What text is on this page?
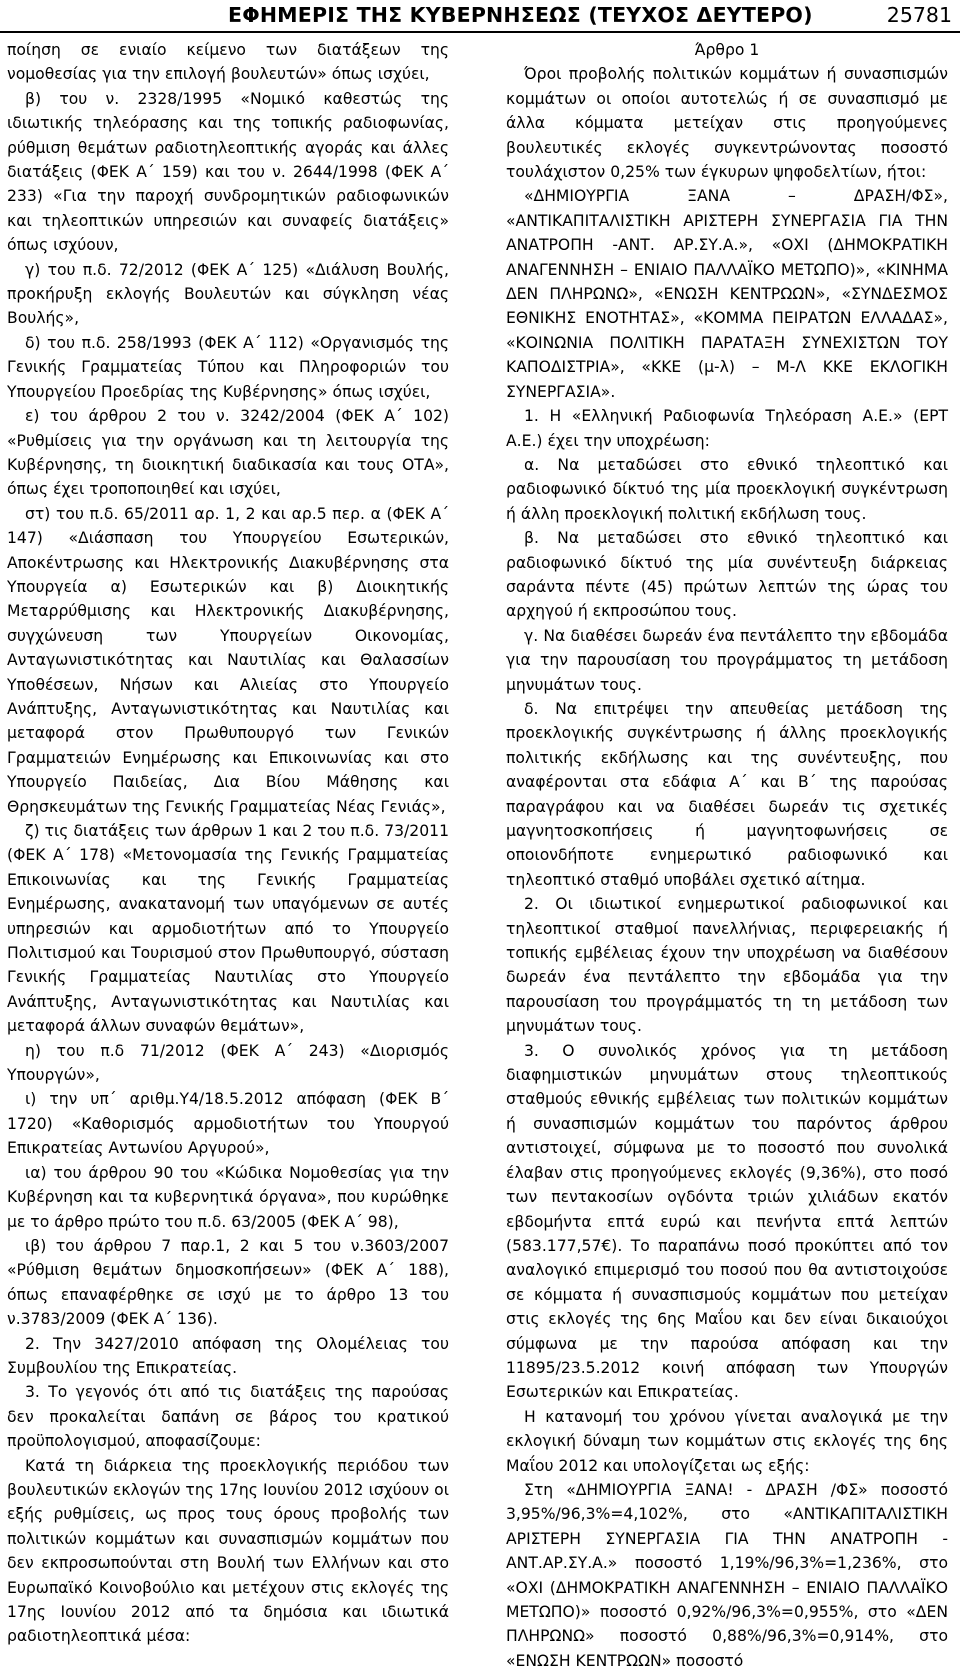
ΕΦΗΜΕΡΙΣ ΤΗΣ ΚΥΒΕΡΝΗΣΕΩΣ (ΤΕΥΧΟΣ ΔΕΥΤΕΡΟ)	25781

ποίηση σε ενιαίο κείμενο των διατάξεων της νομοθεσίας για την επιλογή βουλευτών» όπως ισχύει,

β) του ν. 2328/1995 «Νομικό καθεστώς της ιδιωτικής τηλεόρασης και της τοπικής ραδιοφωνίας, ρύθμιση θεμάτων ραδιοτηλεοπτικής αγοράς και άλλες διατάξεις (ΦΕΚ Α΄ 159) και του ν. 2644/1998 (ΦΕΚ Α΄ 233) «Για την παροχή συνδρομητικών ραδιοφωνικών και τηλεοπτικών υπηρεσιών και συναφείς διατάξεις» όπως ισχύουν,

γ) του π.δ. 72/2012 (ΦΕΚ Α΄ 125) «Διάλυση Βουλής, προκήρυξη εκλογής Βουλευτών και σύγκληση νέας Βουλής»,

δ) του π.δ. 258/1993 (ΦΕΚ Α΄ 112) «Οργανισμός της Γενικής Γραμματείας Τύπου και Πληροφοριών του Υπουργείου Προεδρίας της Κυβέρνησης» όπως ισχύει,

ε) του άρθρου 2 του ν. 3242/2004 (ΦΕΚ Α΄ 102) «Ρυθμίσεις για την οργάνωση και τη λειτουργία της Κυβέρνησης, τη διοικητική διαδικασία και τους ΟΤΑ», όπως έχει τροποποιηθεί και ισχύει,

στ) του π.δ. 65/2011 αρ. 1, 2 και αρ.5 περ. α (ΦΕΚ Α΄ 147) «Διάσπαση του Υπουργείου Εσωτερικών, Αποκέντρωσης και Ηλεκτρονικής Διακυβέρνησης στα Υπουργεία α) Εσωτερικών και β) Διοικητικής Μεταρρύθμισης και Ηλεκτρονικής Διακυβέρνησης, συγχώνευση των Υπουργείων Οικονομίας, Ανταγωνιστικότητας και Ναυτιλίας και Θαλασσίων Υποθέσεων, Νήσων και Αλιείας στο Υπουργείο Ανάπτυξης, Ανταγωνιστικότητας και Ναυτιλίας και μεταφορά στον Πρωθυπουργό των Γενικών Γραμματειών Ενημέρωσης και Επικοινωνίας και στο Υπουργείο Παιδείας, Δια Βίου Μάθησης και Θρησκευμάτων της Γενικής Γραμματείας Νέας Γενιάς»,

ζ) τις διατάξεις των άρθρων 1 και 2 του π.δ. 73/2011 (ΦΕΚ Α΄ 178) «Μετονομασία της Γενικής Γραμματείας Επικοινωνίας και της Γενικής Γραμματείας Ενημέρωσης, ανακατανομή των υπαγόμενων σε αυτές υπηρεσιών και αρμοδιοτήτων από το Υπουργείο Πολιτισμού και Τουρισμού στον Πρωθυπουργό, σύσταση Γενικής Γραμματείας Ναυτιλίας στο Υπουργείο Ανάπτυξης, Ανταγωνιστικότητας και Ναυτιλίας και μεταφορά άλλων συναφών θεμάτων»,

η) του π.δ 71/2012 (ΦΕΚ Α΄ 243) «Διορισμός Υπουργών»,

ι) την υπ΄ αριθμ.Υ4/18.5.2012 απόφαση (ΦΕΚ Β΄ 1720) «Καθορισμός αρμοδιοτήτων του Υπουργού Επικρατείας Αντωνίου Αργυρού»,

ια) του άρθρου 90 του «Κώδικα Νομοθεσίας για την Κυβέρνηση και τα κυβερνητικά όργανα», που κυρώθηκε με το άρθρο πρώτο του π.δ. 63/2005 (ΦΕΚ Α΄ 98),

ιβ) του άρθρου 7 παρ.1, 2 και 5 του ν.3603/2007 «Ρύθμιση θεμάτων δημοσκοπήσεων» (ΦΕΚ Α΄ 188), όπως επαναφέρθηκε σε ισχύ με το άρθρο 13 του ν.3783/2009 (ΦΕΚ Α΄ 136).

2. Την 3427/2010 απόφαση της Ολομέλειας του Συμβουλίου της Επικρατείας.

3. Το γεγονός ότι από τις διατάξεις της παρούσας δεν προκαλείται δαπάνη σε βάρος του κρατικού προϋπολογισμού, αποφασίζουμε:

Κατά τη διάρκεια της προεκλογικής περιόδου των βουλευτικών εκλογών της 17ης Ιουνίου 2012 ισχύουν οι εξής ρυθμίσεις, ως προς τους όρους προβολής των πολιτικών κομμάτων και συνασπισμών κομμάτων που δεν εκπροσωπούνται στη Βουλή των Ελλήνων και στο Ευρωπαϊκό Κοινοβούλιο και μετέχουν στις εκλογές της 17ης Ιουνίου 2012 από τα δημόσια και ιδιωτικά ραδιοτηλεοπτικά μέσα:

Άρθρο 1

Όροι προβολής πολιτικών κομμάτων ή συνασπισμών κομμάτων οι οποίοι αυτοτελώς ή σε συνασπισμό με άλλα κόμματα μετείχαν στις προηγούμενες βουλευτικές εκλογές συγκεντρώνοντας ποσοστό τουλάχιστον 0,25% των έγκυρων ψηφοδελτίων, ήτοι:

«ΔΗΜΙΟΥΡΓΙΑ ΞΑΝΑ – ΔΡΑΣΗ/ΦΣ», «ΑΝΤΙΚΑΠΙΤΑΛΙΣΤΙΚΗ ΑΡΙΣΤΕΡΗ ΣΥΝΕΡΓΑΣΙΑ ΓΙΑ ΤΗΝ ΑΝΑΤΡΟΠΗ -ΑΝΤ. ΑΡ.ΣΥ.Α.», «ΟΧΙ (ΔΗΜΟΚΡΑΤΙΚΗ ΑΝΑΓΕΝΝΗΣΗ – ΕΝΙΑΙΟ ΠΑΛΛΑΪΚΟ ΜΕΤΩΠΟ)», «ΚΙΝΗΜΑ ΔΕΝ ΠΛΗΡΩΝΩ», «ΕΝΩΣΗ ΚΕΝΤΡΩΩΝ», «ΣΥΝΔΕΣΜΟΣ ΕΘΝΙΚΗΣ ΕΝΟΤΗΤΑΣ», «ΚΟΜΜΑ ΠΕΙΡΑΤΩΝ ΕΛΛΑΔΑΣ», «ΚΟΙΝΩΝΙΑ ΠΟΛΙΤΙΚΗ ΠΑΡΑΤΑΞΗ ΣΥΝΕΧΙΣΤΩΝ ΤΟΥ ΚΑΠΟΔΙΣΤΡΙΑ», «ΚΚΕ (μ-λ) – Μ-Λ ΚΚΕ ΕΚΛΟΓΙΚΗ ΣΥΝΕΡΓΑΣΙΑ».

1. Η «Ελληνική Ραδιοφωνία Τηλεόραση Α.Ε.» (ΕΡΤ Α.Ε.) έχει την υποχρέωση:

α. Να μεταδώσει στο εθνικό τηλεοπτικό και ραδιοφωνικό δίκτυό της μία προεκλογική συγκέντρωση ή άλλη προεκλογική πολιτική εκδήλωση τους.

β. Να μεταδώσει στο εθνικό τηλεοπτικό και ραδιοφωνικό δίκτυό της μία συνέντευξη διάρκειας σαράντα πέντε (45) πρώτων λεπτών της ώρας του αρχηγού ή εκπροσώπου τους.

γ. Να διαθέσει δωρεάν ένα πεντάλεπτο την εβδομάδα για την παρουσίαση του προγράμματος τη μετάδοση μηνυμάτων τους.

δ. Να επιτρέψει την απευθείας μετάδοση της προεκλογικής συγκέντρωσης ή άλλης προεκλογικής πολιτικής εκδήλωσης και της συνέντευξης, που αναφέρονται στα εδάφια Α΄ και Β΄ της παρούσας παραγράφου και να διαθέσει δωρεάν τις σχετικές μαγνητοσκοπήσεις ή μαγνητοφωνήσεις σε οποιονδήποτε ενημερωτικό ραδιοφωνικό και τηλεοπτικό σταθμό υποβάλει σχετικό αίτημα.

2. Οι ιδιωτικοί ενημερωτικοί ραδιοφωνικοί και τηλεοπτικοί σταθμοί πανελλήνιας, περιφερειακής ή τοπικής εμβέλειας έχουν την υποχρέωση να διαθέσουν δωρεάν ένα πεντάλεπτο την εβδομάδα για την παρουσίαση του προγράμματός τη τη μετάδοση των μηνυμάτων τους.

3. Ο συνολικός χρόνος για τη μετάδοση διαφημιστικών μηνυμάτων στους τηλεοπτικούς σταθμούς εθνικής εμβέλειας των πολιτικών κομμάτων ή συνασπισμών κομμάτων του παρόντος άρθρου αντιστοιχεί, σύμφωνα με το ποσοστό που συνολικά έλαβαν στις προηγούμενες εκλογές (9,36%), στο ποσό των πεντακοσίων ογδόντα τριών χιλιάδων εκατόν εβδομήντα επτά ευρώ και πενήντα επτά λεπτών (583.177,57€). Το παραπάνω ποσό προκύπτει από τον αναλογικό επιμερισμό του ποσού που θα αντιστοιχούσε σε κόμματα ή συνασπισμούς κομμάτων που μετείχαν στις εκλογές της 6ης Μαΐου και δεν είναι δικαιούχοι σύμφωνα με την παρούσα απόφαση και την 11895/23.5.2012 κοινή απόφαση των Υπουργών Εσωτερικών και Επικρατείας.

Η κατανομή του χρόνου γίνεται αναλογικά με την εκλογική δύναμη των κομμάτων στις εκλογές της 6ης Μαΐου 2012 και υπολογίζεται ως εξής:

Στη «ΔΗΜΙΟΥΡΓΙΑ ΞΑΝΑ! - ΔΡΑΣΗ /ΦΣ» ποσοστό 3,95%/96,3%=4,102%, στο «ΑΝΤΙΚΑΠΙΤΑΛΙΣΤΙΚΗ ΑΡΙΣΤΕΡΗ ΣΥΝΕΡΓΑΣΙΑ ΓΙΑ ΤΗΝ ΑΝΑΤΡΟΠΗ - ΑΝΤ.ΑΡ.ΣΥ.Α.» ποσοστό 1,19%/96,3%=1,236%, στο «ΟΧΙ (ΔΗΜΟΚΡΑΤΙΚΗ ΑΝΑΓΕΝΝΗΣΗ – ΕΝΙΑΙΟ ΠΑΛΛΑΪΚΟ ΜΕΤΩΠΟ)» ποσοστό 0,92%/96,3%=0,955%, στο «ΔΕΝ ΠΛΗΡΩΝΩ» ποσοστό 0,88%/96,3%=0,914%, στο «ΕΝΩΣΗ ΚΕΝΤΡΩΩΝ» ποσοστό
